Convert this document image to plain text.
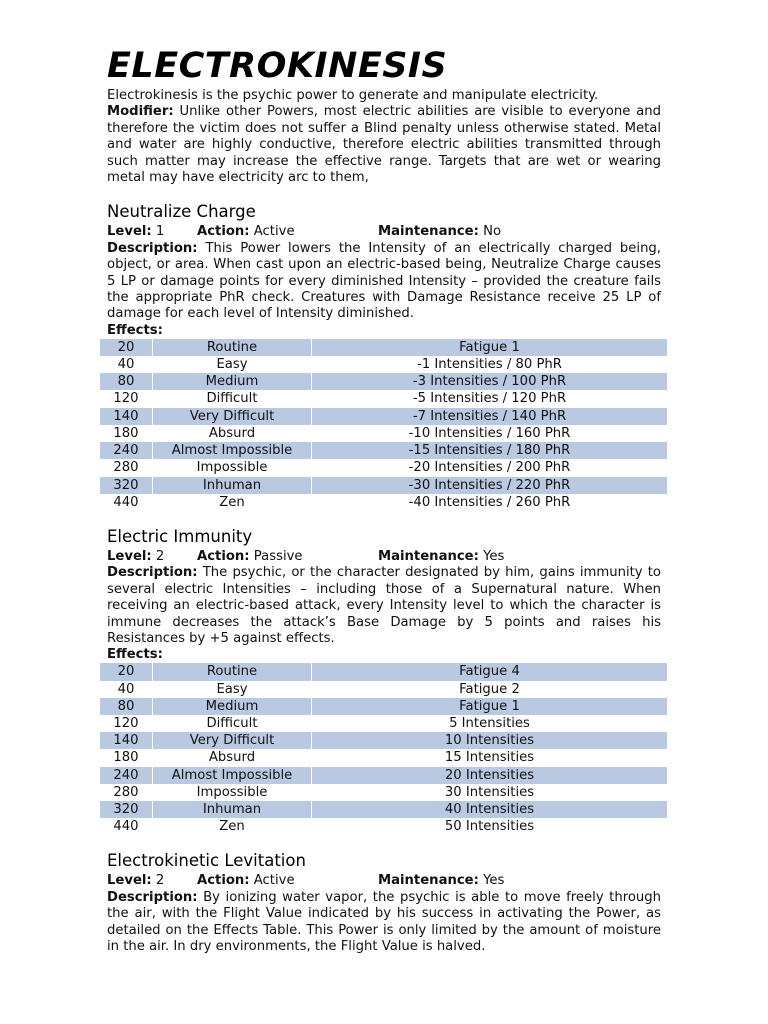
ELECTROKINESIS

Electrokinesis is the psychic power to generate and manipulate electricity.
Modifier: Unlike other Powers, most electric abilities are visible to everyone and therefore the victim does not suffer a Blind penalty unless otherwise stated. Metal and water are highly conductive, therefore electric abilities transmitted through such matter may increase the effective range. Targets that are wet or wearing metal may have electricity arc to them,

Neutralize Charge
Level: 1	Action: Active	Maintenance: No

Description: This Power lowers the Intensity of an electrically charged being, object, or area. When cast upon an electric-based being, Neutralize Charge causes 5 LP or damage points for every diminished Intensity – provided the creature fails the appropriate PhR check. Creatures with Damage Resistance receive 25 LP of damage for each level of Intensity diminished.

Effects:
20	Routine	Fatigue 1
40	Easy	-1 Intensities / 80 PhR
80	Medium	-3 Intensities / 100 PhR
120	Difficult	-5 Intensities / 120 PhR
140	Very Difficult	-7 Intensities / 140 PhR
180	Absurd	-10 Intensities / 160 PhR
240	Almost Impossible	-15 Intensities / 180 PhR
280	Impossible	-20 Intensities / 200 PhR
320	Inhuman	-30 Intensities / 220 PhR
440	Zen	-40 Intensities / 260 PhR
Electric Immunity
Level: 2	Action: Passive	Maintenance: Yes

Description: The psychic, or the character designated by him, gains immunity to several electric Intensities – including those of a Supernatural nature. When receiving an electric-based attack, every Intensity level to which the character is immune decreases the attack’s Base Damage by 5 points and raises his Resistances by +5 against effects.

Effects:
20	Routine	Fatigue 4
40	Easy	Fatigue 2
80	Medium	Fatigue 1
120	Difficult	5 Intensities
140	Very Difficult	10 Intensities
180	Absurd	15 Intensities
240	Almost Impossible	20 Intensities
280	Impossible	30 Intensities
320	Inhuman	40 Intensities
440	Zen	50 Intensities
Electrokinetic Levitation
Level: 2	Action: Active	Maintenance: Yes

Description: By ionizing water vapor, the psychic is able to move freely through the air, with the Flight Value indicated by his success in activating the Power, as detailed on the Effects Table. This Power is only limited by the amount of moisture in the air. In dry environments, the Flight Value is halved.
